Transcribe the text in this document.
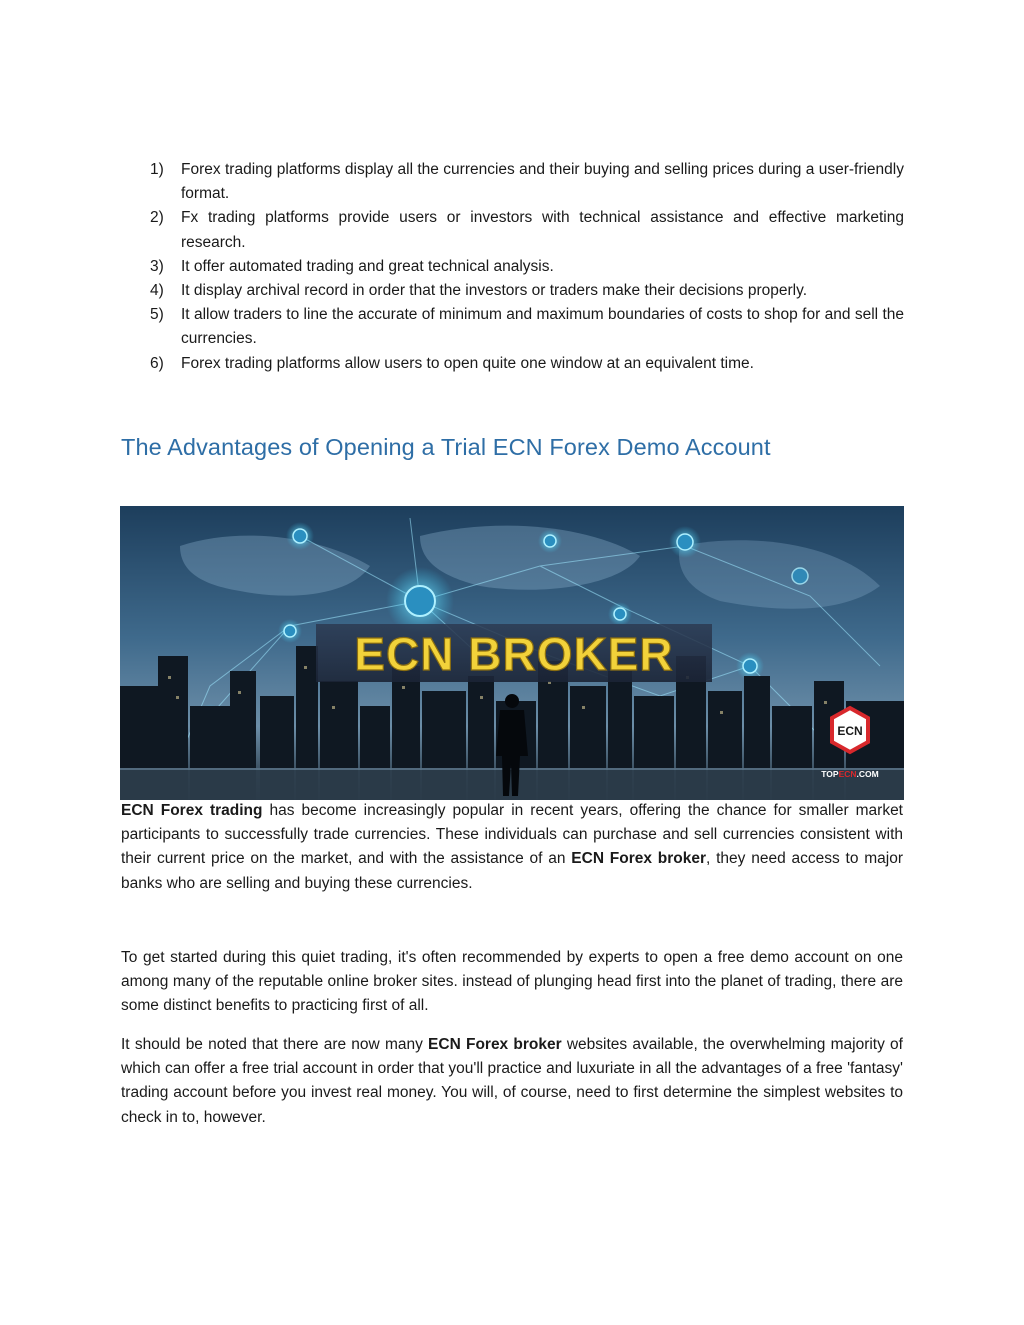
1) Forex trading platforms display all the currencies and their buying and selling prices during a user-friendly format.
2) Fx trading platforms provide users or investors with technical assistance and effective marketing research.
3) It offer automated trading and great technical analysis.
4) It display archival record in order that the investors or traders make their decisions properly.
5) It allow traders to line the accurate of minimum and maximum boundaries of costs to shop for and sell the currencies.
6) Forex trading platforms allow users to open quite one window at an equivalent time.
The Advantages of Opening a Trial ECN Forex Demo Account
ECN BROKER
ECN
TOPECN.COM

ECN Forex trading has become increasingly popular in recent years, offering the chance for smaller market participants to successfully trade currencies. These individuals can purchase and sell currencies consistent with their current price on the market, and with the assistance of an ECN Forex broker, they need access to major banks who are selling and buying these currencies.

To get started during this quiet trading, it's often recommended by experts to open a free demo account on one among many of the reputable online broker sites. instead of plunging head first into the planet of trading, there are some distinct benefits to practicing first of all.

It should be noted that there are now many ECN Forex broker websites available, the overwhelming majority of which can offer a free trial account in order that you'll practice and luxuriate in all the advantages of a free 'fantasy' trading account before you invest real money. You will, of course, need to first determine the simplest websites to check in to, however.
